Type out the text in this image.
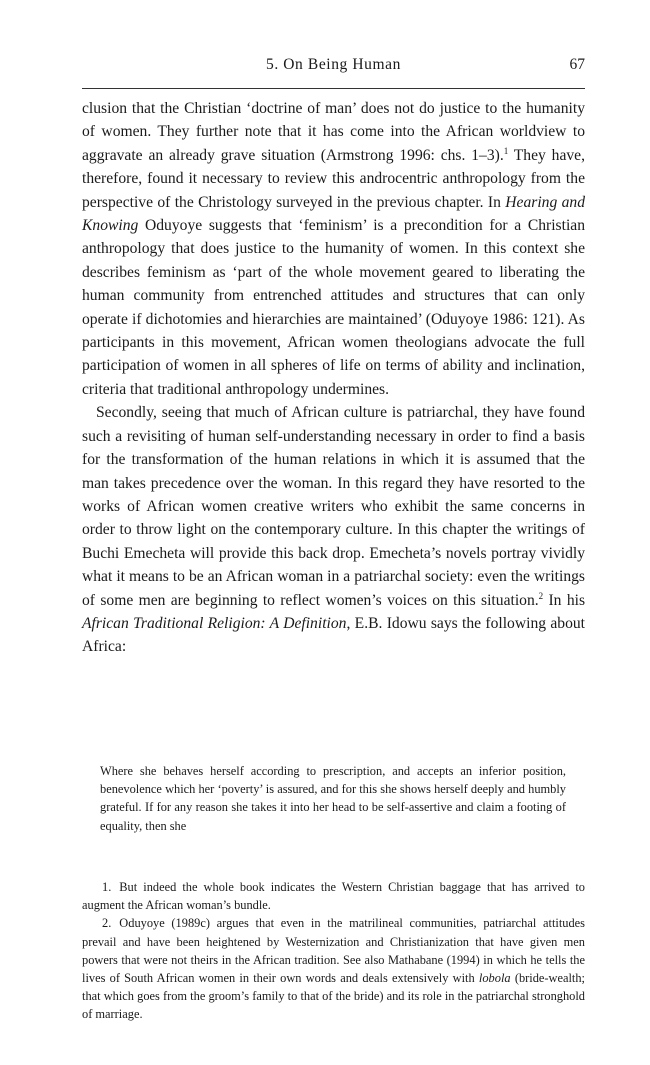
5. On Being Human	67

clusion that the Christian ‘doctrine of man’ does not do justice to the humanity of women. They further note that it has come into the African worldview to aggravate an already grave situation (Armstrong 1996: chs. 1–3).$^1$ They have, therefore, found it necessary to review this androcentric anthropology from the perspective of the Christology surveyed in the previous chapter. In Hearing and Knowing Oduyoye suggests that ‘feminism’ is a precondition for a Christian anthropology that does justice to the humanity of women. In this context she describes feminism as ‘part of the whole movement geared to liberating the human community from entrenched attitudes and structures that can only operate if dichotomies and hierarchies are maintained’ (Oduyoye 1986: 121). As participants in this movement, African women theologians advocate the full participation of women in all spheres of life on terms of ability and inclination, criteria that traditional anthropology undermines.

Secondly, seeing that much of African culture is patriarchal, they have found such a revisiting of human self-understanding necessary in order to find a basis for the transformation of the human relations in which it is assumed that the man takes precedence over the woman. In this regard they have resorted to the works of African women creative writers who exhibit the same concerns in order to throw light on the contemporary culture. In this chapter the writings of Buchi Emecheta will provide this back drop. Emecheta’s novels portray vividly what it means to be an African woman in a patriarchal society: even the writings of some men are beginning to reflect women’s voices on this situation.$^2$ In his African Traditional Religion: A Definition, E.B. Idowu says the following about Africa:

Where she behaves herself according to prescription, and accepts an inferior position, benevolence which her ‘poverty’ is assured, and for this she shows herself deeply and humbly grateful. If for any reason she takes it into her head to be self-assertive and claim a footing of equality, then she

1. But indeed the whole book indicates the Western Christian baggage that has arrived to augment the African woman’s bundle.

2. Oduyoye (1989c) argues that even in the matrilineal communities, patriarchal attitudes prevail and have been heightened by Westernization and Christianization that have given men powers that were not theirs in the African tradition. See also Mathabane (1994) in which he tells the lives of South African women in their own words and deals extensively with lobola (bride-wealth; that which goes from the groom’s family to that of the bride) and its role in the patriarchal stronghold of marriage.
